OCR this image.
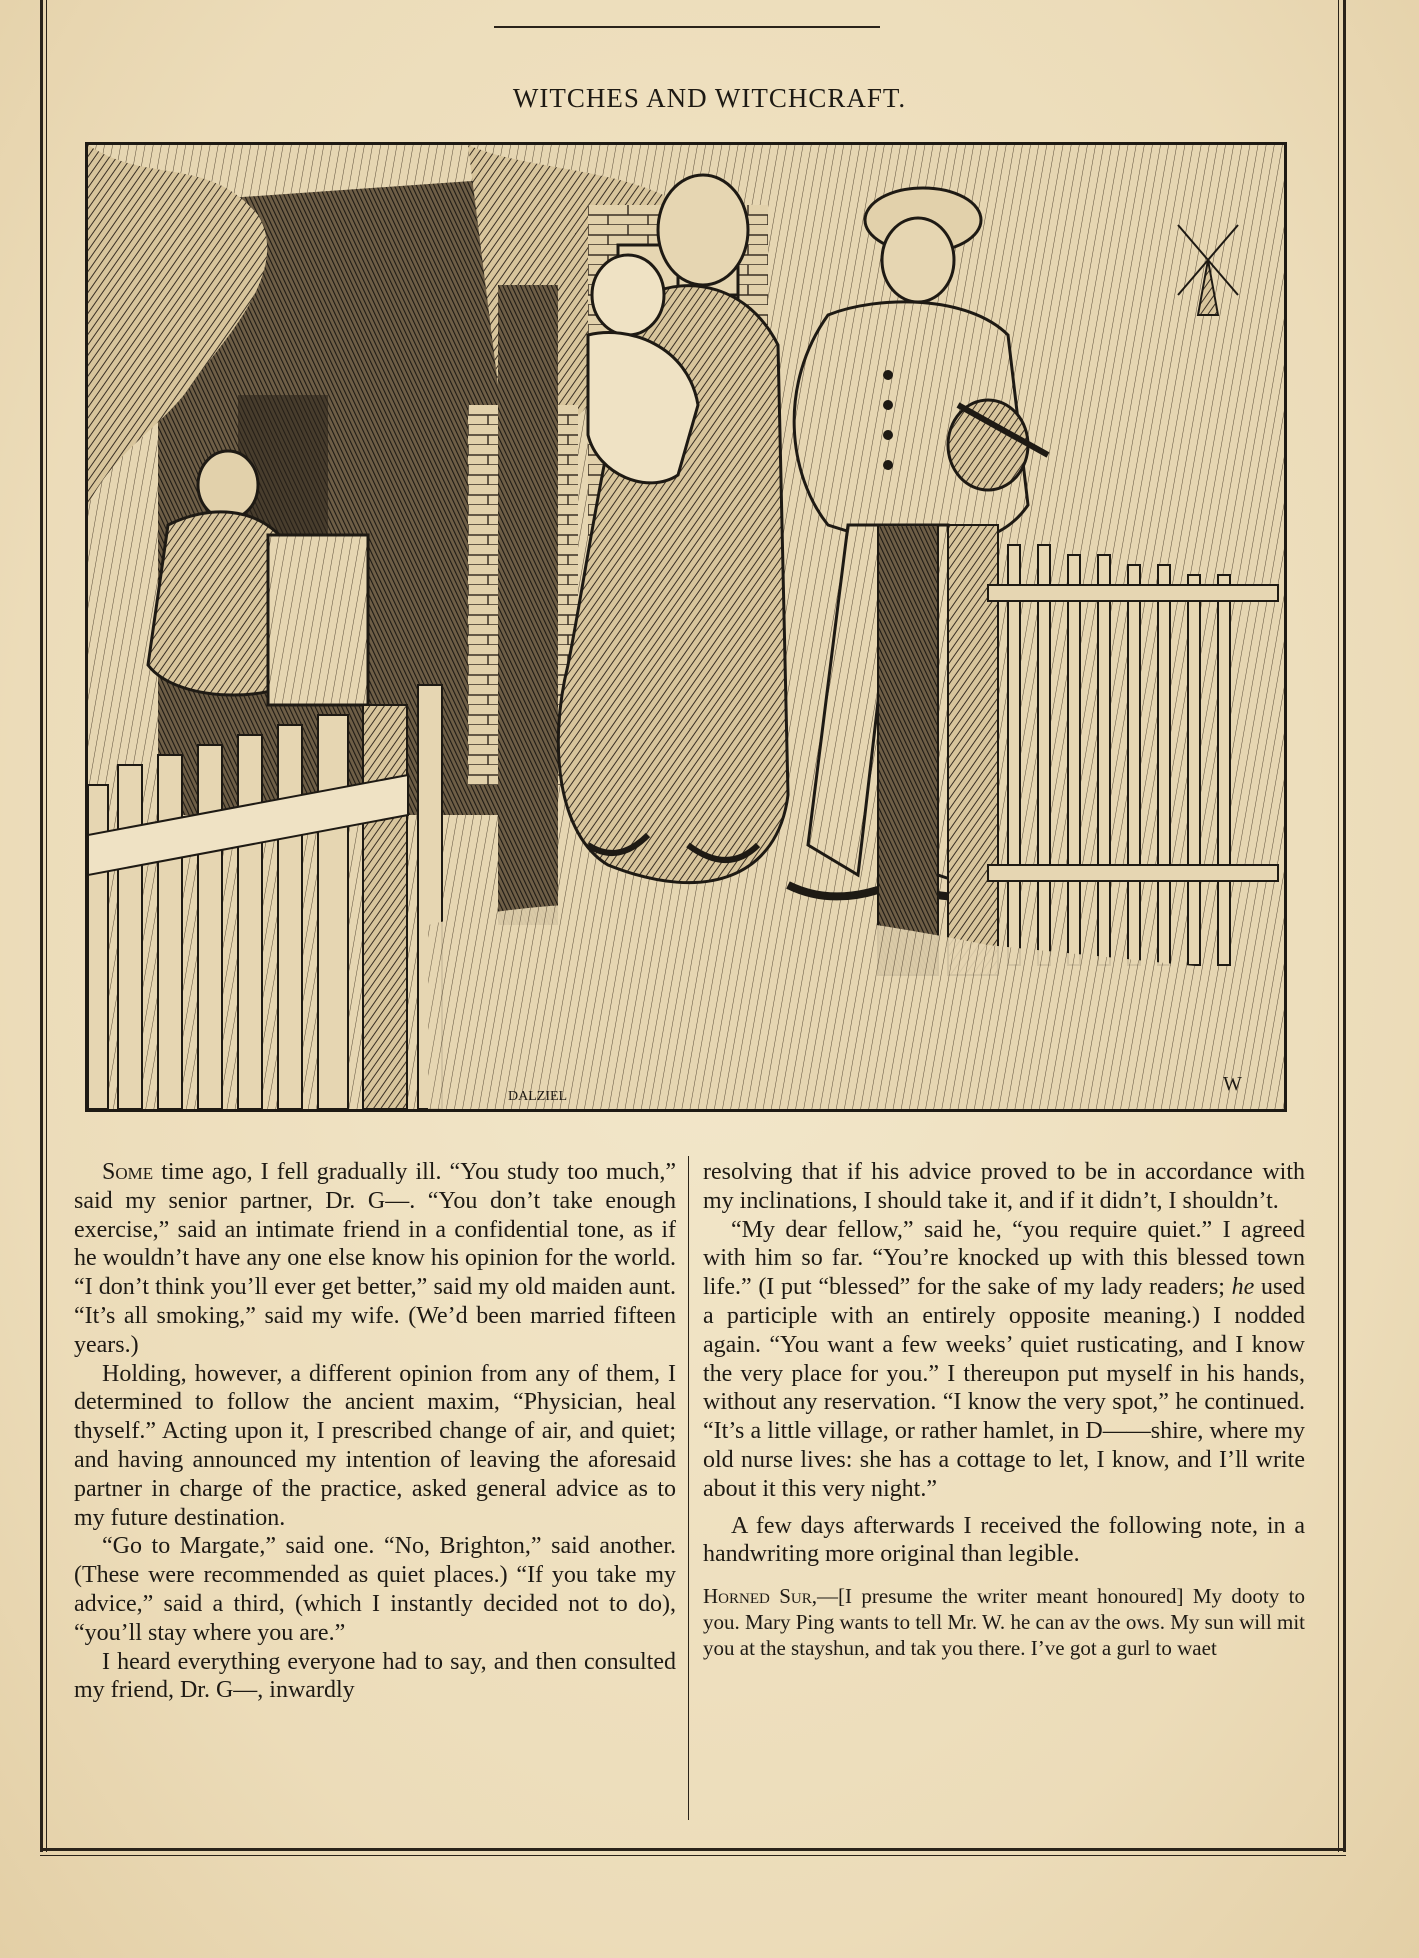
WITCHES AND WITCHCRAFT.
DALZIEL
W

Some time ago, I fell gradually ill. “You study too much,” said my senior partner, Dr. G—. “You don’t take enough exercise,” said an intimate friend in a confidential tone, as if he wouldn’t have any one else know his opinion for the world. “I don’t think you’ll ever get better,” said my old maiden aunt. “It’s all smoking,” said my wife. (We’d been married fifteen years.)

Holding, however, a different opinion from any of them, I determined to follow the ancient maxim, “Physician, heal thyself.” Acting upon it, I prescribed change of air, and quiet; and having announced my intention of leaving the aforesaid partner in charge of the practice, asked general advice as to my future destination.

“Go to Margate,” said one. “No, Brighton,” said another. (These were recommended as quiet places.) “If you take my advice,” said a third, (which I instantly decided not to do), “you’ll stay where you are.”

I heard everything everyone had to say, and then consulted my friend, Dr. G—, inwardly

resolving that if his advice proved to be in accordance with my inclinations, I should take it, and if it didn’t, I shouldn’t.

“My dear fellow,” said he, “you require quiet.” I agreed with him so far. “You’re knocked up with this blessed town life.” (I put “blessed” for the sake of my lady readers; he used a participle with an entirely opposite meaning.) I nodded again. “You want a few weeks’ quiet rusticating, and I know the very place for you.” I thereupon put myself in his hands, without any reservation. “I know the very spot,” he continued. “It’s a little village, or rather hamlet, in D——shire, where my old nurse lives: she has a cottage to let, I know, and I’ll write about it this very night.”

A few days afterwards I received the following note, in a handwriting more original than legible.

Horned Sur,—[I presume the writer meant honoured] My dooty to you. Mary Ping wants to tell Mr. W. he can av the ows. My sun will mit you at the stayshun, and tak you there. I’ve got a gurl to waet
